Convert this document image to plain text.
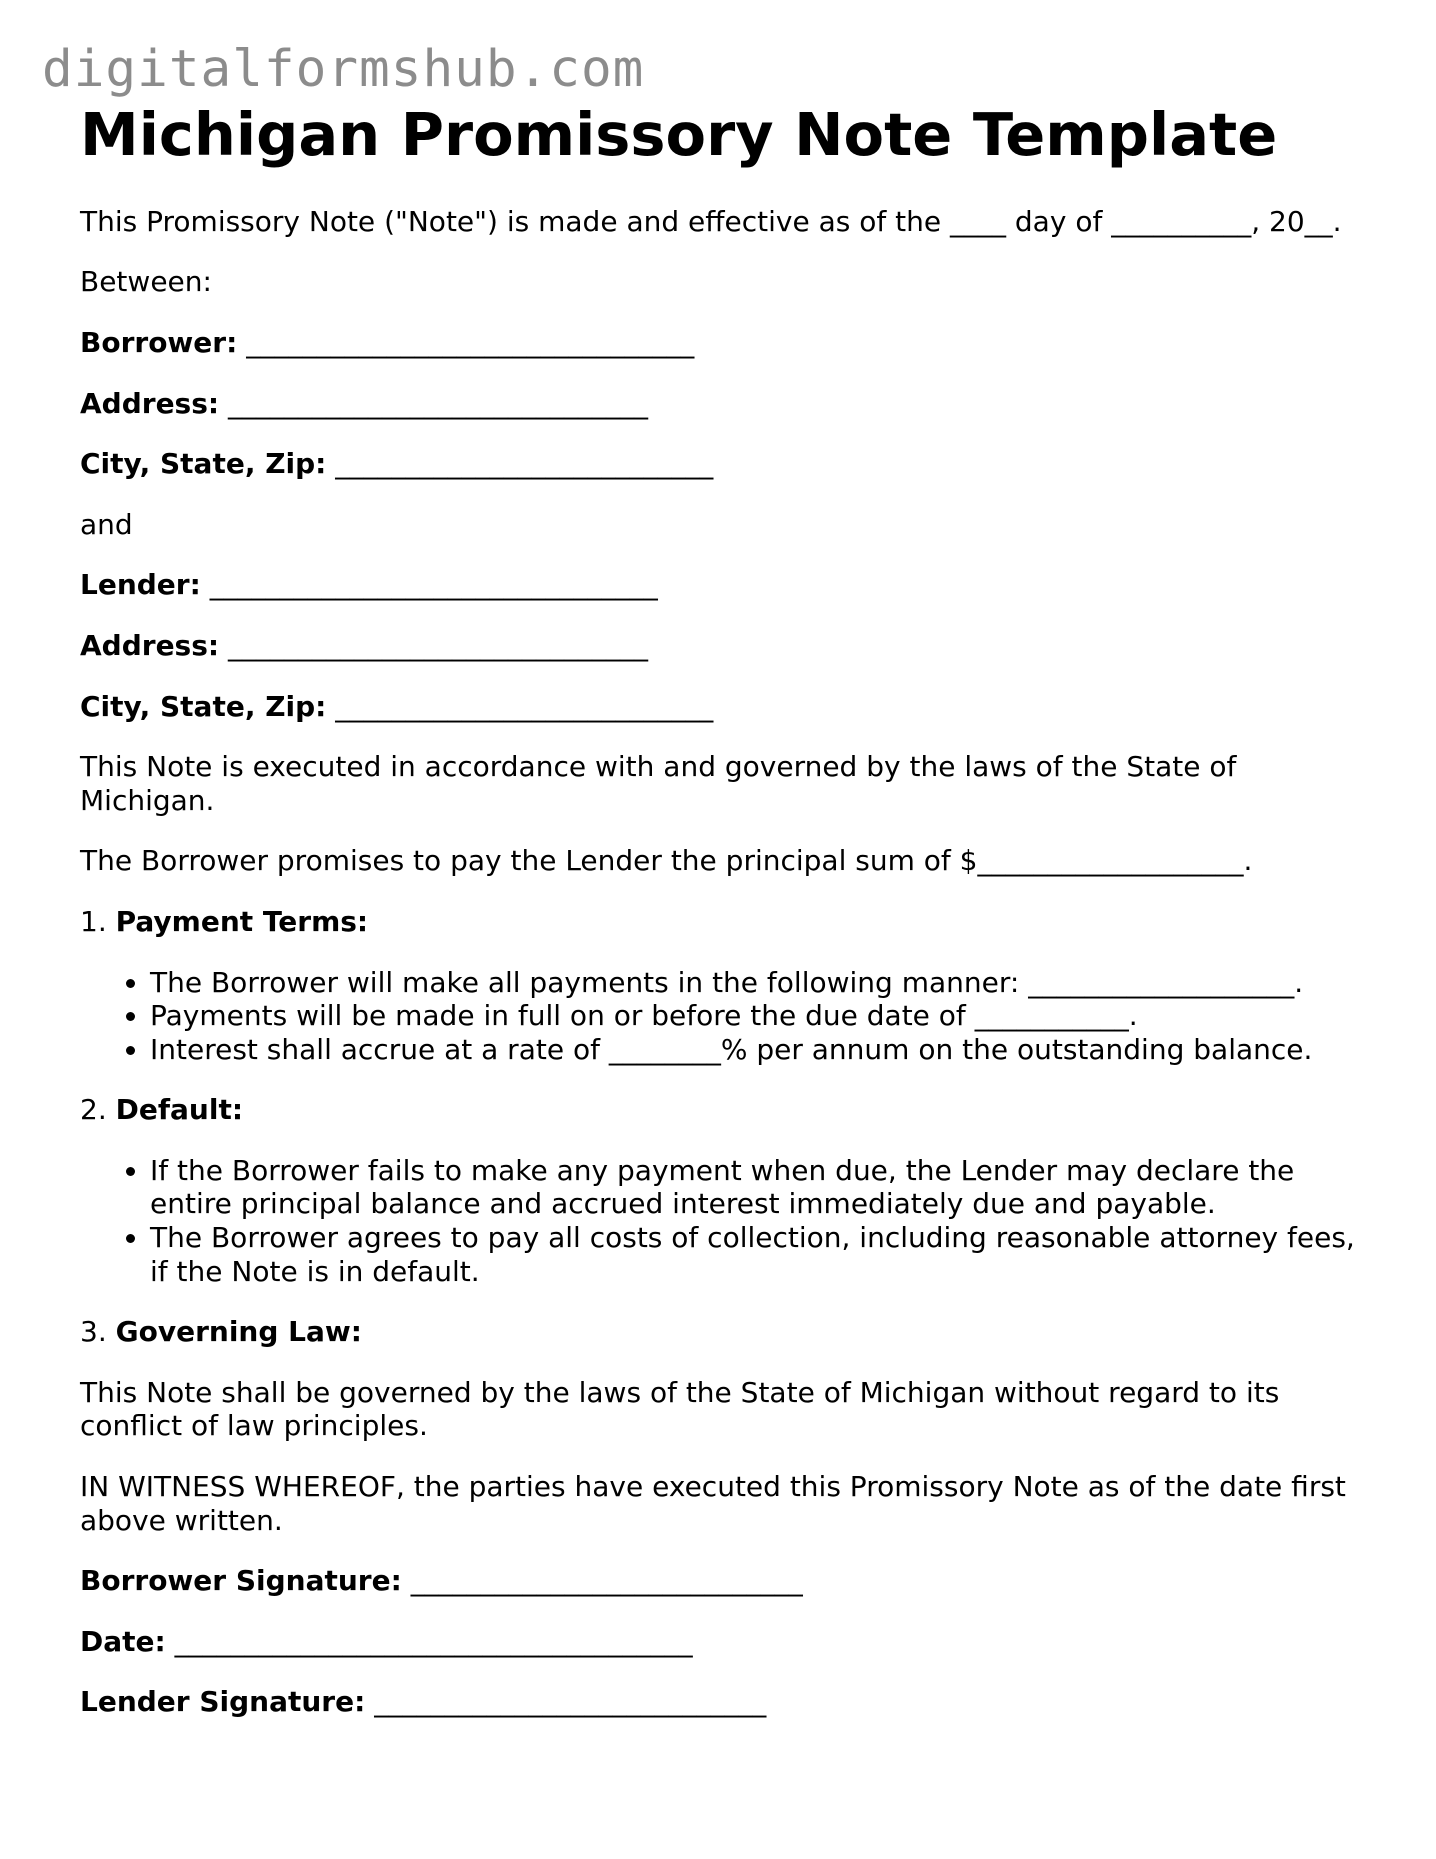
digitalformshub.com
Michigan Promissory Note Template

This Promissory Note ("Note") is made and effective as of the ____ day of __________, 20__.

Between:

Borrower: ________________________________

Address: ______________________________

City, State, Zip: ___________________________

and

Lender: ________________________________

Address: ______________________________

City, State, Zip: ___________________________

This Note is executed in accordance with and governed by the laws of the State of Michigan.

The Borrower promises to pay the Lender the principal sum of $___________________.

1. Payment Terms:
• The Borrower will make all payments in the following manner: ___________________.
• Payments will be made in full on or before the due date of ___________.
• Interest shall accrue at a rate of ________% per annum on the outstanding balance.
2. Default:
• If the Borrower fails to make any payment when due, the Lender may declare the entire principal balance and accrued interest immediately due and payable.
• The Borrower agrees to pay all costs of collection, including reasonable attorney fees, if the Note is in default.
3. Governing Law:

This Note shall be governed by the laws of the State of Michigan without regard to its conflict of law principles.

IN WITNESS WHEREOF, the parties have executed this Promissory Note as of the date first above written.

Borrower Signature: ____________________________

Date: _____________________________________

Lender Signature: ____________________________
